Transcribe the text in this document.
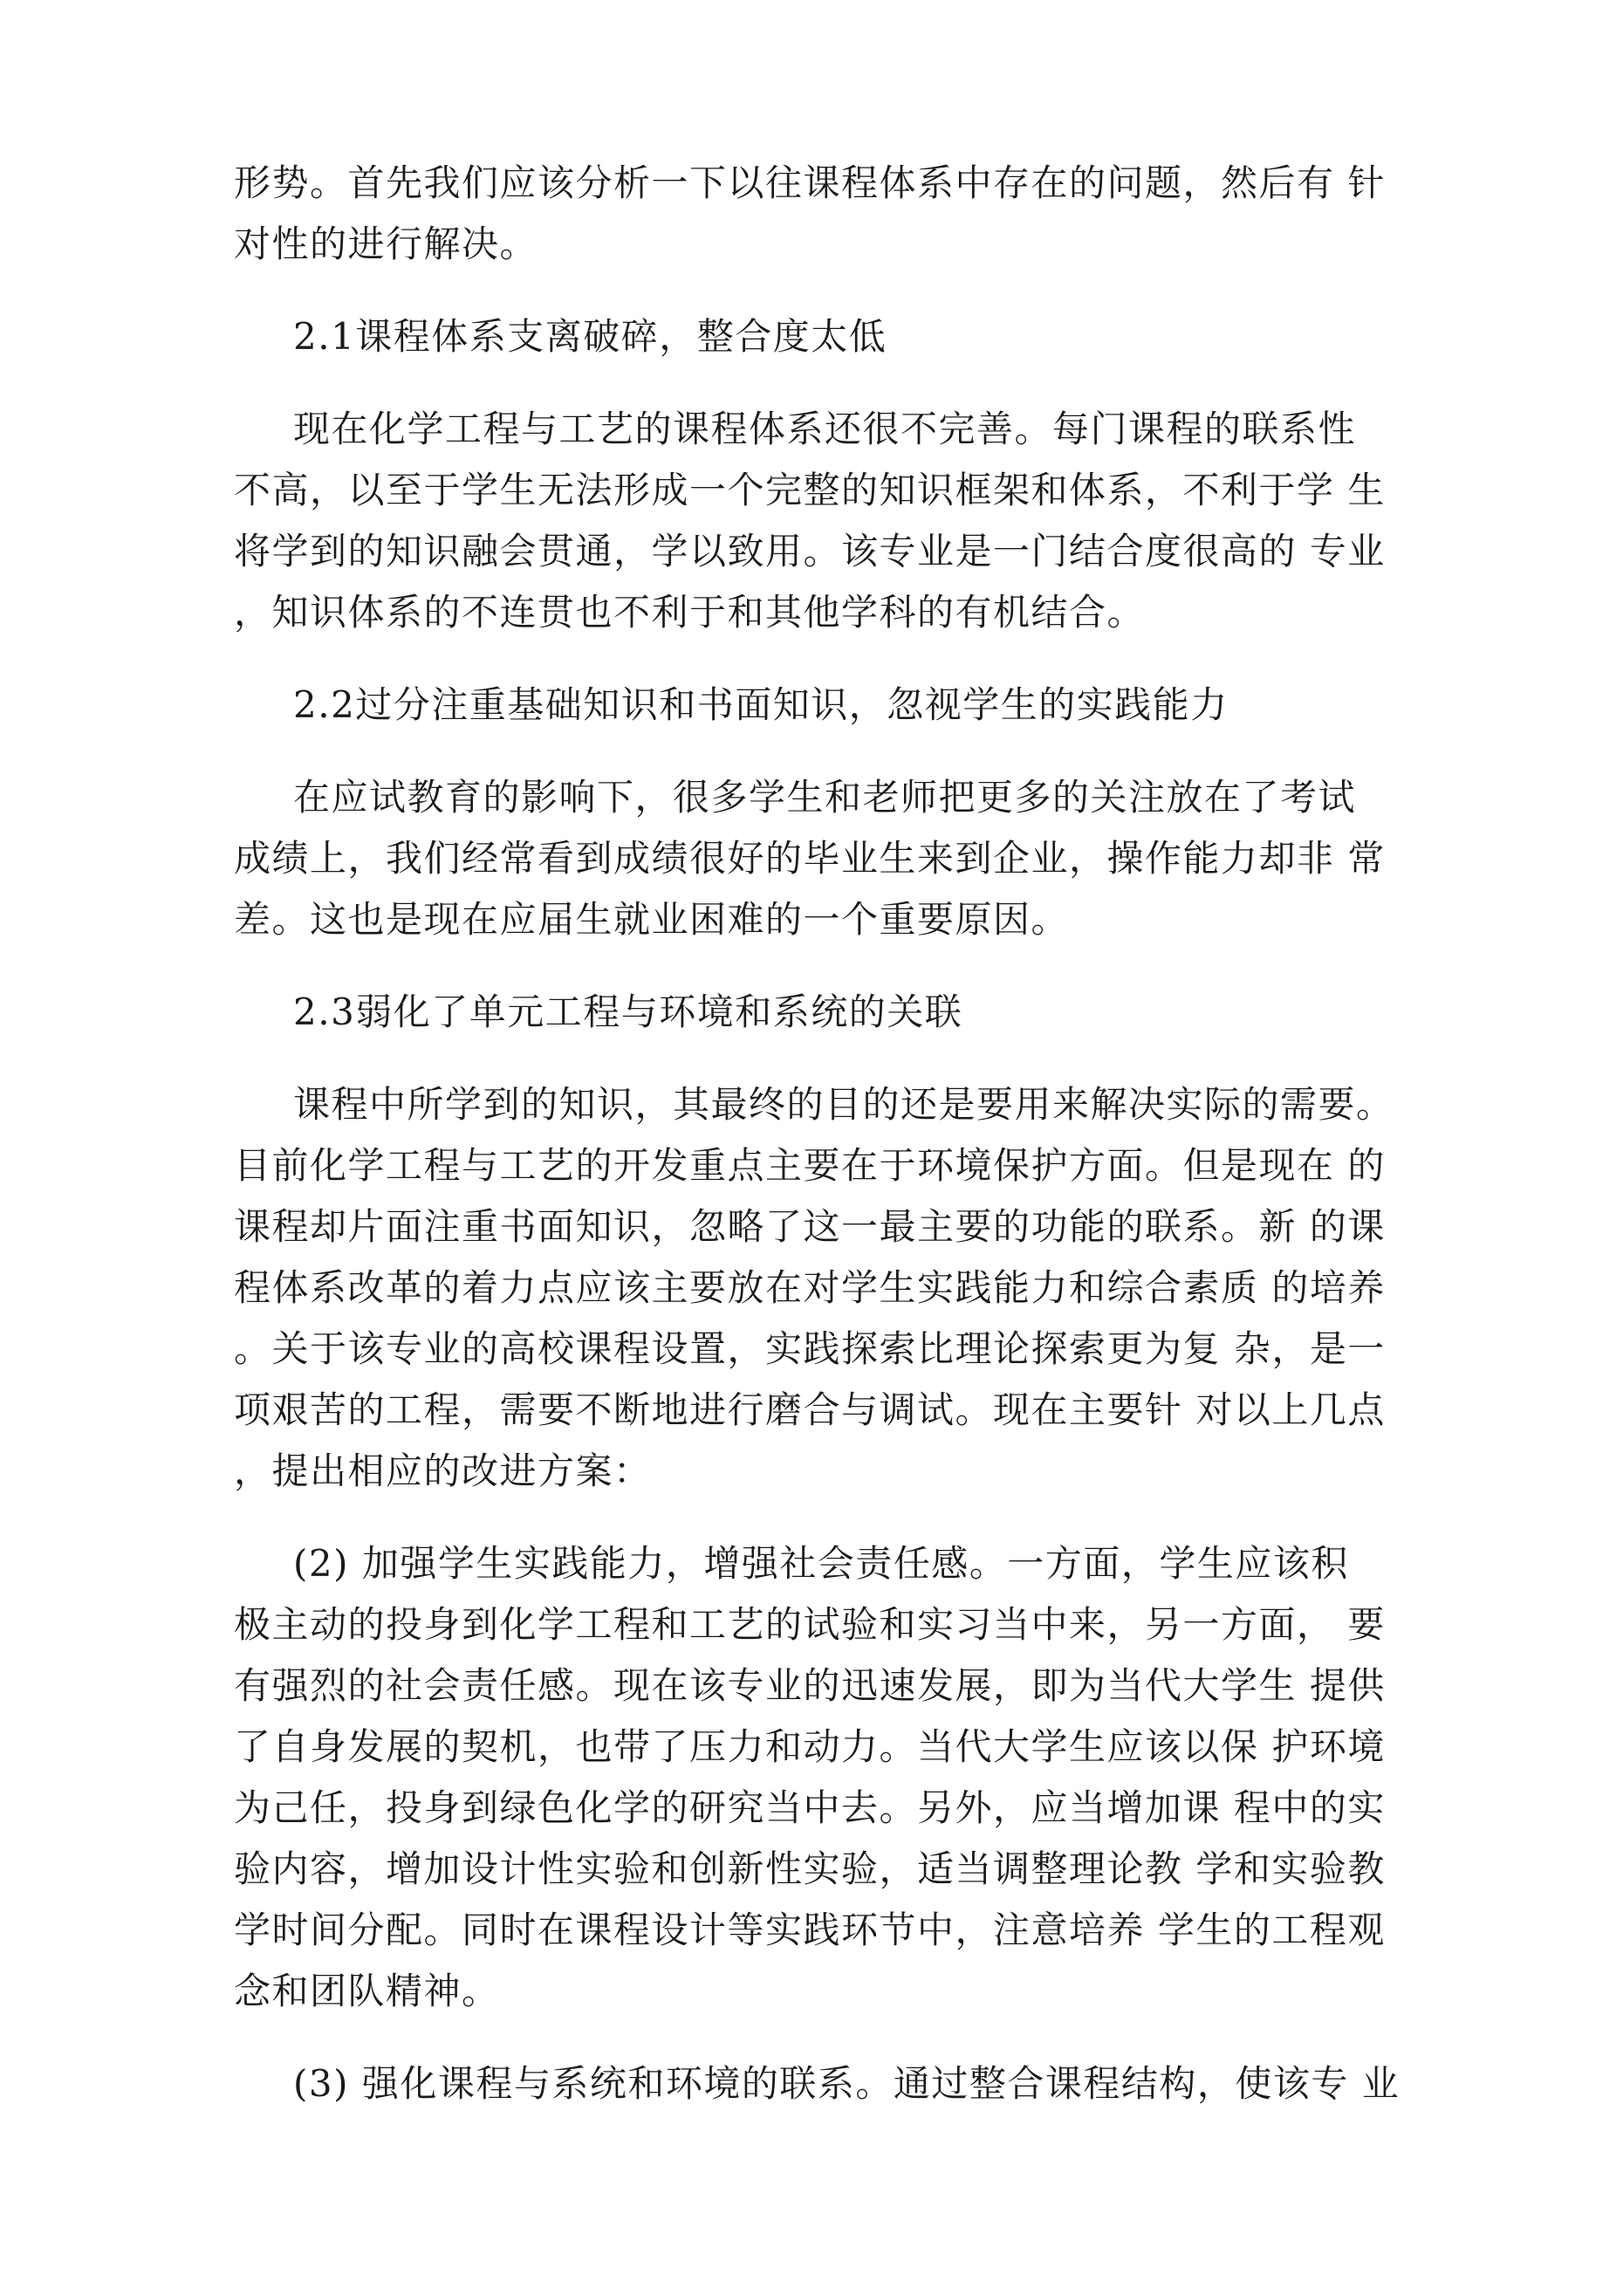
形势。首先我们应该分析一下以往课程体系中存在的问题，然后有 针
对性的进行解决。

2.1课程体系支离破碎，整合度太低

现在化学工程与工艺的课程体系还很不完善。每门课程的联系性
不高，以至于学生无法形成一个完整的知识框架和体系，不利于学 生
将学到的知识融会贯通，学以致用。该专业是一门结合度很高的 专业
，知识体系的不连贯也不利于和其他学科的有机结合。

2.2过分注重基础知识和书面知识，忽视学生的实践能力

在应试教育的影响下，很多学生和老师把更多的关注放在了考试
成绩上，我们经常看到成绩很好的毕业生来到企业，操作能力却非 常
差。这也是现在应届生就业困难的一个重要原因。

2.3弱化了单元工程与环境和系统的关联

课程中所学到的知识，其最终的目的还是要用来解决实际的需要。
目前化学工程与工艺的开发重点主要在于环境保护方面。但是现在 的
课程却片面注重书面知识，忽略了这一最主要的功能的联系。新 的课
程体系改革的着力点应该主要放在对学生实践能力和综合素质 的培养
。关于该专业的高校课程设置，实践探索比理论探索更为复 杂，是一
项艰苦的工程，需要不断地进行磨合与调试。现在主要针 对以上几点
，提出相应的改进方案：

(2) 加强学生实践能力，增强社会责任感。一方面，学生应该积
极主动的投身到化学工程和工艺的试验和实习当中来，另一方面， 要
有强烈的社会责任感。现在该专业的迅速发展，即为当代大学生 提供
了自身发展的契机，也带了压力和动力。当代大学生应该以保 护环境
为己任，投身到绿色化学的研究当中去。另外，应当增加课 程中的实
验内容，增加设计性实验和创新性实验，适当调整理论教 学和实验教
学时间分配。同时在课程设计等实践环节中，注意培养 学生的工程观
念和团队精神。

(3) 强化课程与系统和环境的联系。通过整合课程结构，使该专 业
